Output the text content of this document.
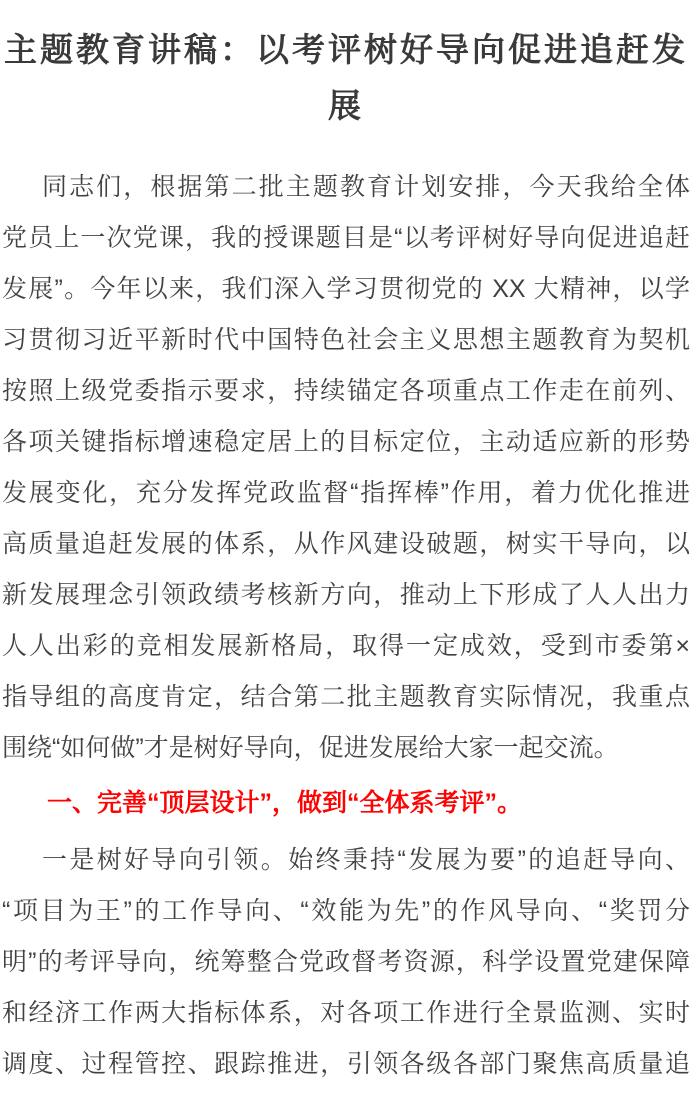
主题教育讲稿：以考评树好导向促进追赶发
展
同志们，根据第二批主题教育计划安排，今天我给全体
党员上一次党课，我的授课题目是“以考评树好导向促进追赶
发展”。今年以来，我们深入学习贯彻党的 XX 大精神，以学
习贯彻习近平新时代中国特色社会主义思想主题教育为契机
按照上级党委指示要求，持续锚定各项重点工作走在前列、
各项关键指标增速稳定居上的目标定位，主动适应新的形势
发展变化，充分发挥党政监督“指挥棒”作用，着力优化推进
高质量追赶发展的体系，从作风建设破题，树实干导向，以
新发展理念引领政绩考核新方向，推动上下形成了人人出力
人人出彩的竞相发展新格局，取得一定成效，受到市委第×
指导组的高度肯定，结合第二批主题教育实际情况，我重点
围绕“如何做”才是树好导向，促进发展给大家一起交流。
一、完善“顶层设计”，做到“全体系考评”。
一是树好导向引领。始终秉持“发展为要”的追赶导向、
“项目为王”的工作导向、“效能为先”的作风导向、“奖罚分
明”的考评导向，统筹整合党政督考资源，科学设置党建保障
和经济工作两大指标体系，对各项工作进行全景监测、实时
调度、过程管控、跟踪推进，引领各级各部门聚焦高质量追
